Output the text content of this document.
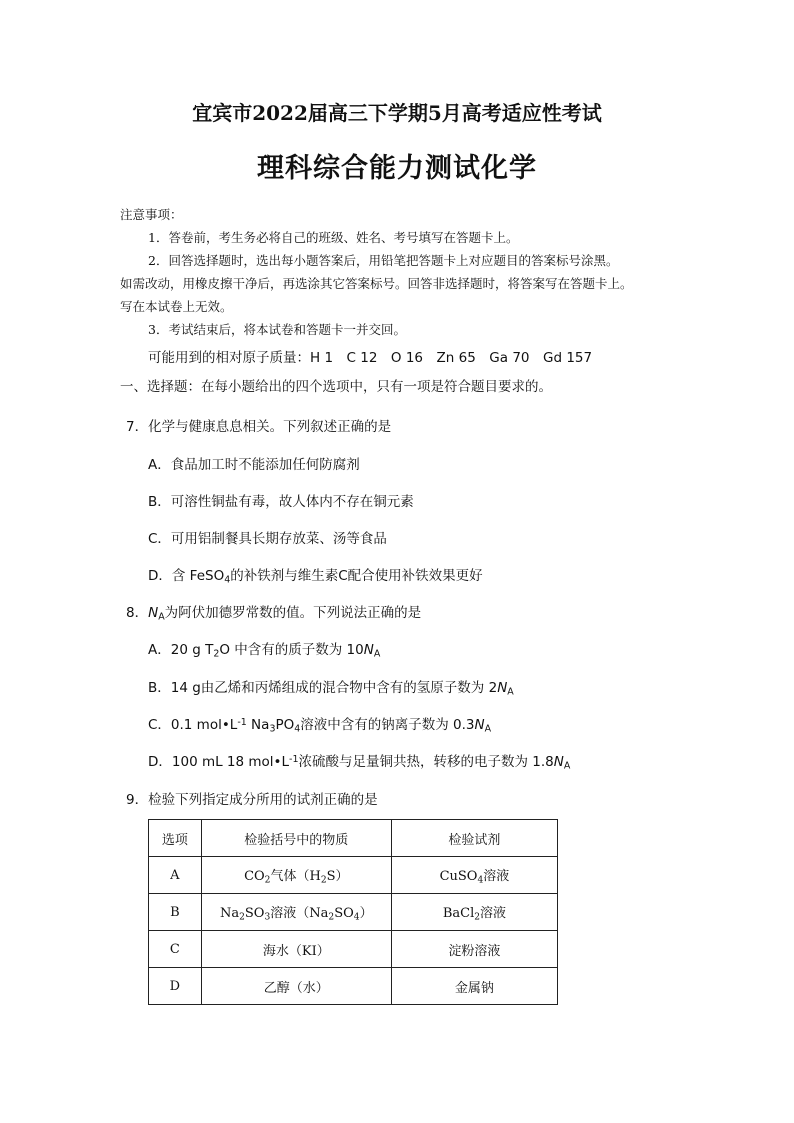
宜宾市2022届高三下学期5月高考适应性考试
理科综合能力测试化学
注意事项：
1．答卷前，考生务必将自己的班级、姓名、考号填写在答题卡上。
2．回答选择题时，选出每小题答案后，用铅笔把答题卡上对应题目的答案标号涂黑。
如需改动，用橡皮擦干净后，再选涂其它答案标号。回答非选择题时，将答案写在答题卡上。
写在本试卷上无效。
3．考试结束后，将本试卷和答题卡一并交回。
可能用到的相对原子质量：H 1　C 12　O 16　Zn 65　Ga 70　Gd 157
一、选择题：在每小题给出的四个选项中，只有一项是符合题目要求的。
7．化学与健康息息相关。下列叙述正确的是
A．食品加工时不能添加任何防腐剂
B．可溶性铜盐有毒，故人体内不存在铜元素
C．可用铝制餐具长期存放菜、汤等食品
D．含 FeSO$_4$的补铁剂与维生素C配合使用补铁效果更好
8．$N_A$为阿伏加德罗常数的值。下列说法正确的是
A．20 g $T_2O$ 中含有的质子数为 $10N_A$
B．14 g由乙烯和丙烯组成的混合物中含有的氢原子数为 $2N_A$
C．0.1 $mol•L^{-1}$ $Na_3PO_4$溶液中含有的钠离子数为 $0.3N_A$
D．100 mL 18 $mol•L^{-1}$浓硫酸与足量铜共热，转移的电子数为 $1.8N_A$
9．检验下列指定成分所用的试剂正确的是
选项	检验括号中的物质	检验试剂
A	$CO_2$气体$(H_2S)$	CuSO$_4$溶液
B	$Na_2SO_3$溶液$(Na_2SO_4)$	BaCl$_2$溶液
C	海水（KI）	淀粉溶液
D	乙醇（水）	金属钠
